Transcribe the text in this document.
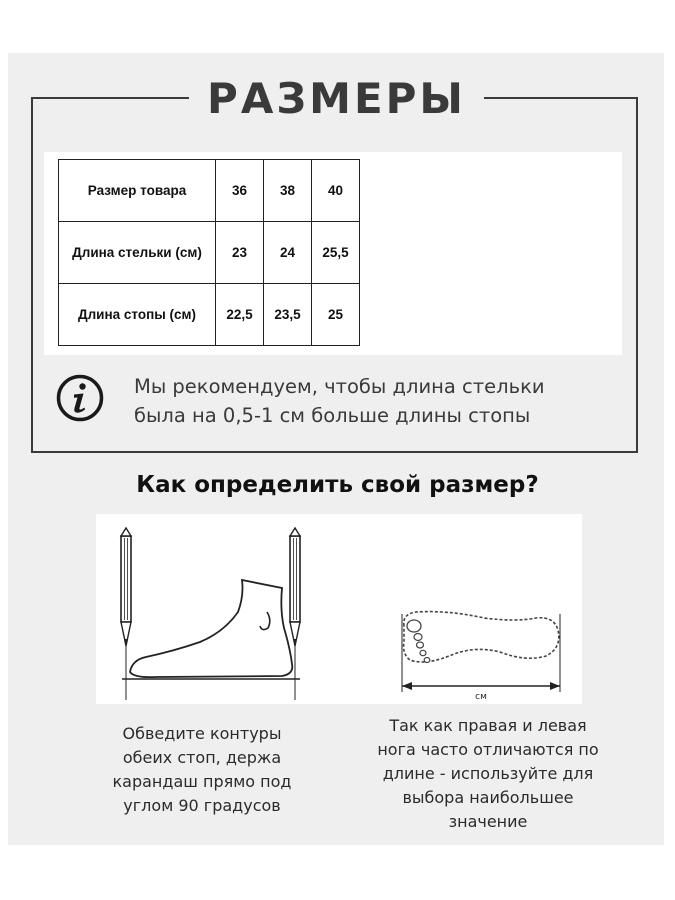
РАЗМЕРЫ
Размер товара	36	38	40
Длина стельки (см)	23	24	25,5
Длина стопы (см)	22,5	23,5	25
Мы рекомендуем, чтобы длина стельки
была на 0,5-1 см больше длины стопы
Как определить свой размер?
см
Обведите контуры
обеих стоп, держа
карандаш прямо под
углом 90 градусов
Так как правая и левая
нога часто отличаются по
длине - используйте для
выбора наибольшее
значение
